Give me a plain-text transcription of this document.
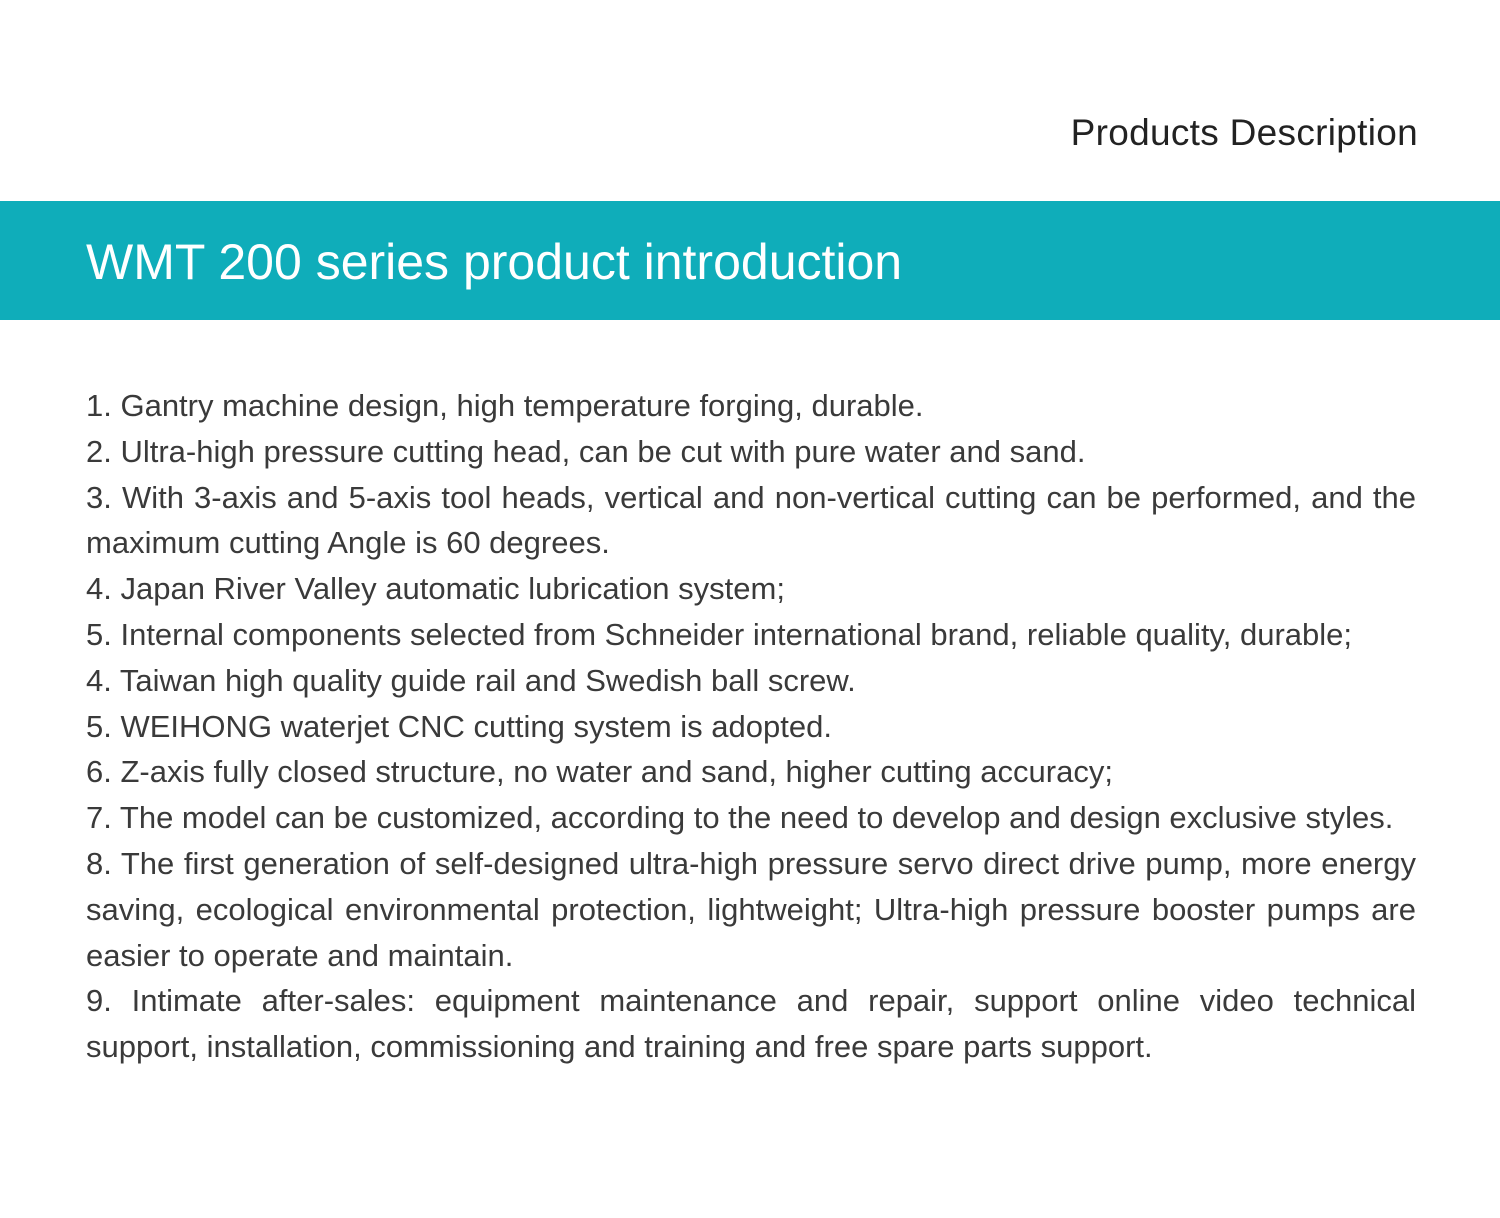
Products Description
WMT 200 series product introduction
1. Gantry machine design, high temperature forging, durable.
2. Ultra-high pressure cutting head, can be cut with pure water and sand.
3. With 3-axis and 5-axis tool heads, vertical and non-vertical cutting can be performed, and the maximum cutting Angle is 60 degrees.
4. Japan River Valley automatic lubrication system;
5. Internal components selected from Schneider international brand, reliable quality, durable;
4. Taiwan high quality guide rail and Swedish ball screw.
5. WEIHONG waterjet CNC cutting system is adopted.
6. Z-axis fully closed structure, no water and sand, higher cutting accuracy;
7. The model can be customized, according to the need to develop and design exclusive styles.
8. The first generation of self-designed ultra-high pressure servo direct drive pump, more energy saving, ecological environmental protection, lightweight; Ultra-high pressure booster pumps are easier to operate and maintain.
9. Intimate after-sales: equipment maintenance and repair, support online video technical support, installation, commissioning and training and free spare parts support.
